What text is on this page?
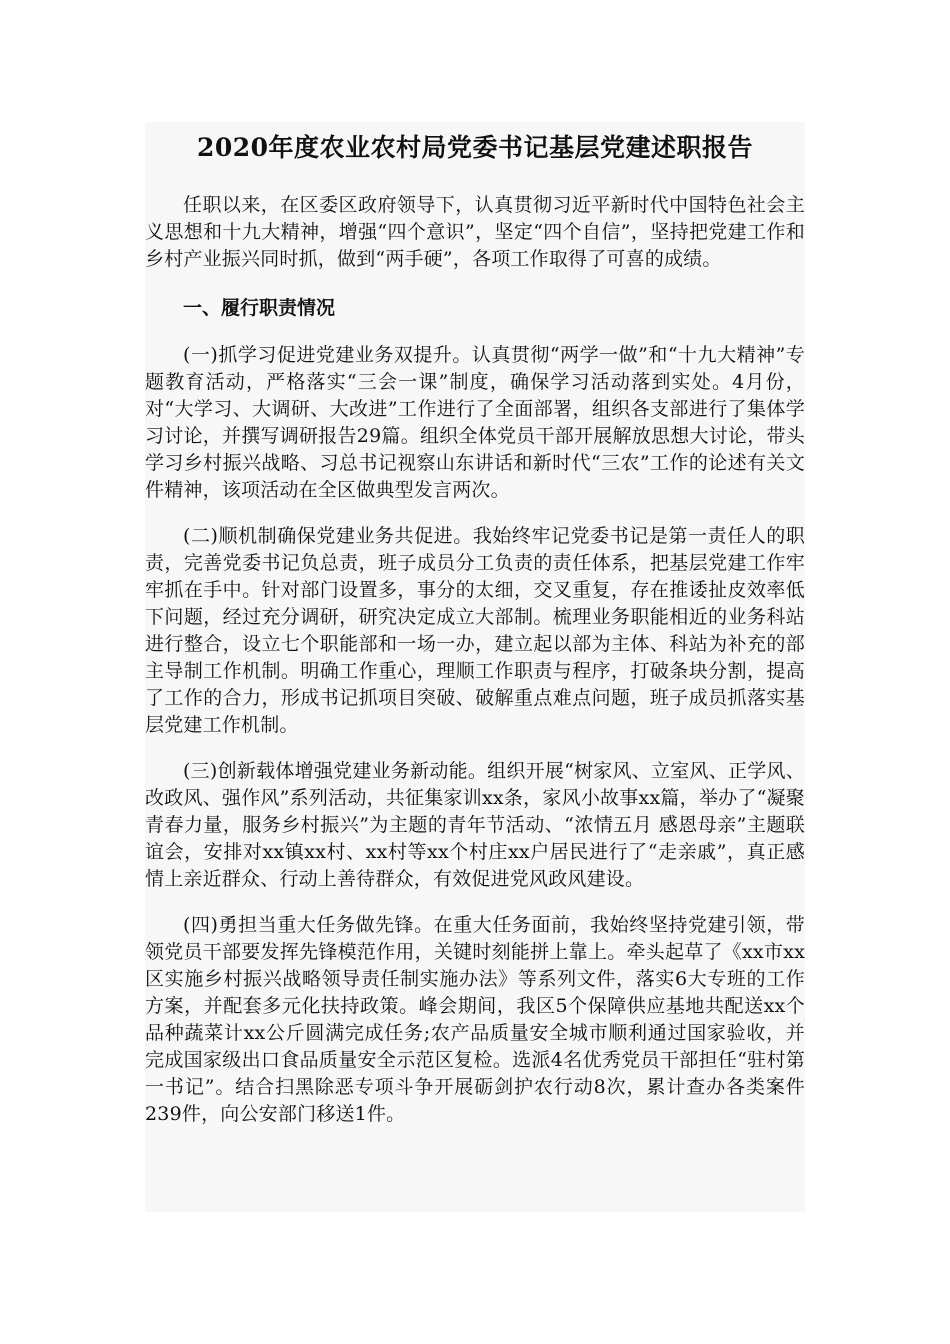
2020年度农业农村局党委书记基层党建述职报告

任职以来，在区委区政府领导下，认真贯彻习近平新时代中国特色社会主义思想和十九大精神，增强“四个意识”，坚定“四个自信”，坚持把党建工作和乡村产业振兴同时抓，做到“两手硬”，各项工作取得了可喜的成绩。

一、履行职责情况

(一)抓学习促进党建业务双提升。认真贯彻“两学一做”和“十九大精神”专题教育活动，严格落实“三会一课”制度，确保学习活动落到实处。4月份，对“大学习、大调研、大改进”工作进行了全面部署，组织各支部进行了集体学习讨论，并撰写调研报告29篇。组织全体党员干部开展解放思想大讨论，带头学习乡村振兴战略、习总书记视察山东讲话和新时代“三农”工作的论述有关文件精神，该项活动在全区做典型发言两次。

(二)顺机制确保党建业务共促进。我始终牢记党委书记是第一责任人的职责，完善党委书记负总责，班子成员分工负责的责任体系，把基层党建工作牢牢抓在手中。针对部门设置多，事分的太细，交叉重复，存在推诿扯皮效率低下问题，经过充分调研，研究决定成立大部制。梳理业务职能相近的业务科站进行整合，设立七个职能部和一场一办，建立起以部为主体、科站为补充的部主导制工作机制。明确工作重心，理顺工作职责与程序，打破条块分割，提高了工作的合力，形成书记抓项目突破、破解重点难点问题，班子成员抓落实基层党建工作机制。

(三)创新载体增强党建业务新动能。组织开展“树家风、立室风、正学风、改政风、强作风”系列活动，共征集家训xx条，家风小故事xx篇，举办了“凝聚青春力量，服务乡村振兴”为主题的青年节活动、“浓情五月 感恩母亲”主题联谊会，安排对xx镇xx村、xx村等xx个村庄xx户居民进行了“走亲戚”，真正感情上亲近群众、行动上善待群众，有效促进党风政风建设。

(四)勇担当重大任务做先锋。在重大任务面前，我始终坚持党建引领，带领党员干部要发挥先锋模范作用，关键时刻能拼上靠上。牵头起草了《xx市xx区实施乡村振兴战略领导责任制实施办法》等系列文件，落实6大专班的工作方案，并配套多元化扶持政策。峰会期间，我区5个保障供应基地共配送xx个品种蔬菜计xx公斤圆满完成任务;农产品质量安全城市顺利通过国家验收，并完成国家级出口食品质量安全示范区复检。选派4名优秀党员干部担任“驻村第一书记”。结合扫黑除恶专项斗争开展砺剑护农行动8次，累计查办各类案件239件，向公安部门移送1件。
